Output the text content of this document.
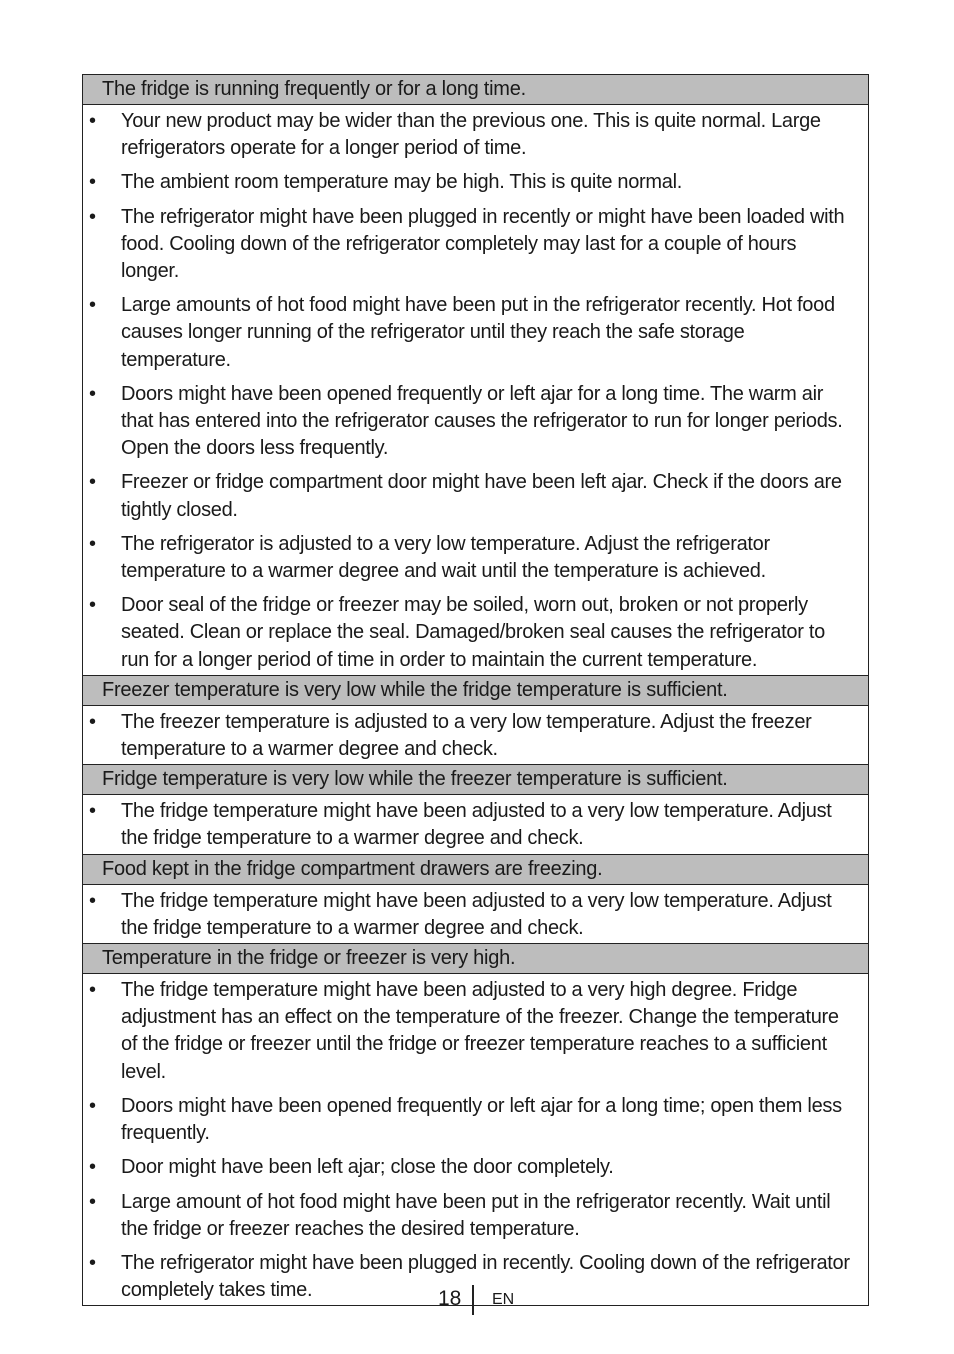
The fridge is running frequently or for a long time.
• Your new product may be wider than the previous one. This is quite normal. Large refrigerators operate for a longer period of time.
• The ambient room temperature may be high. This is quite normal.
• The refrigerator might have been plugged in recently or might have been loaded with food. Cooling down of the refrigerator completely may last for a couple of hours longer.
• Large amounts of hot food might have been put in the refrigerator recently. Hot food causes longer running of the refrigerator until they reach the safe storage temperature.
• Doors might have been opened frequently or left ajar for a long time. The warm air that has entered into the refrigerator causes the refrigerator to run for longer periods. Open the doors less frequently.
• Freezer or fridge compartment door might have been left ajar. Check if the doors are tightly closed.
• The refrigerator is adjusted to a very low temperature. Adjust the refrigerator temperature to a warmer degree and wait until the temperature is achieved.
• Door seal of the fridge or freezer may be soiled, worn out, broken or not properly seated. Clean or replace the seal. Damaged/broken seal causes the refrigerator to run for a longer period of time in order to maintain the current temperature.
Freezer temperature is very low while the fridge temperature is sufficient.
• The freezer temperature is adjusted to a very low temperature. Adjust the freezer temperature to a warmer degree and check.
Fridge temperature is very low while the freezer temperature is sufficient.
• The fridge temperature might have been adjusted to a very low temperature. Adjust the fridge temperature to a warmer degree and check.
Food kept in the fridge compartment drawers are freezing.
• The fridge temperature might have been adjusted to a very low temperature. Adjust the fridge temperature to a warmer degree and check.
Temperature in the fridge or freezer is very high.
• The fridge temperature might have been adjusted to a very high degree. Fridge adjustment has an effect on the temperature of the freezer. Change the temperature of the fridge or freezer until the fridge or freezer temperature reaches to a sufficient level.
• Doors might have been opened frequently or left ajar for a long time; open them less frequently.
• Door might have been left ajar; close the door completely.
• Large amount of hot food might have been put in the refrigerator recently. Wait until the fridge or freezer reaches the desired temperature.
• The refrigerator might have been plugged in recently. Cooling down of the refrigerator completely takes time.	18 EN
